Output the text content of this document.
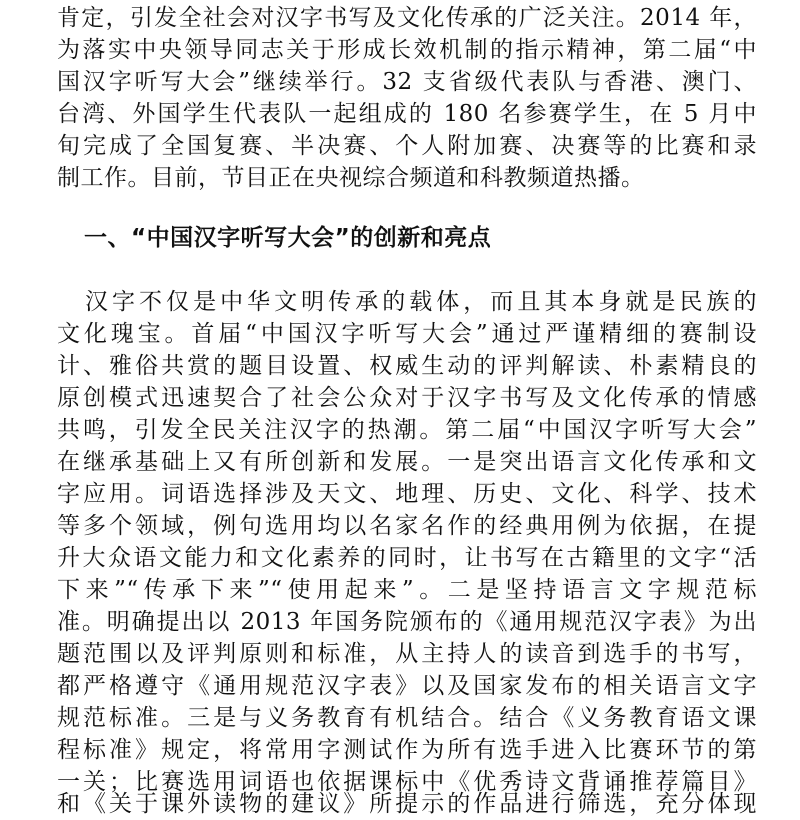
肯定，引发全社会对汉字书写及文化传承的广泛关注。2014 年，
为落实中央领导同志关于形成长效机制的指示精神，第二届“中
国汉字听写大会”继续举行。32 支省级代表队与香港、澳门、
台湾、外国学生代表队一起组成的 180 名参赛学生，在 5 月中
旬完成了全国复赛、半决赛、个人附加赛、决赛等的比赛和录
制工作。目前，节目正在央视综合频道和科教频道热播。
一、“中国汉字听写大会”的创新和亮点
汉字不仅是中华文明传承的载体，而且其本身就是民族的
文化瑰宝。首届“中国汉字听写大会”通过严谨精细的赛制设
计、雅俗共赏的题目设置、权威生动的评判解读、朴素精良的
原创模式迅速契合了社会公众对于汉字书写及文化传承的情感
共鸣，引发全民关注汉字的热潮。第二届“中国汉字听写大会”
在继承基础上又有所创新和发展。一是突出语言文化传承和文
字应用。词语选择涉及天文、地理、历史、文化、科学、技术
等多个领域，例句选用均以名家名作的经典用例为依据，在提
升大众语文能力和文化素养的同时，让书写在古籍里的文字“活
下来”“传承下来”“使用起来”。二是坚持语言文字规范标
准。明确提出以 2013 年国务院颁布的《通用规范汉字表》为出
题范围以及评判原则和标准，从主持人的读音到选手的书写，
都严格遵守《通用规范汉字表》以及国家发布的相关语言文字
规范标准。三是与义务教育有机结合。结合《义务教育语文课
程标准》规定，将常用字测试作为所有选手进入比赛环节的第
一关；比赛选用词语也依据课标中《优秀诗文背诵推荐篇目》
和《关于课外读物的建议》所提示的作品进行筛选，充分体现
